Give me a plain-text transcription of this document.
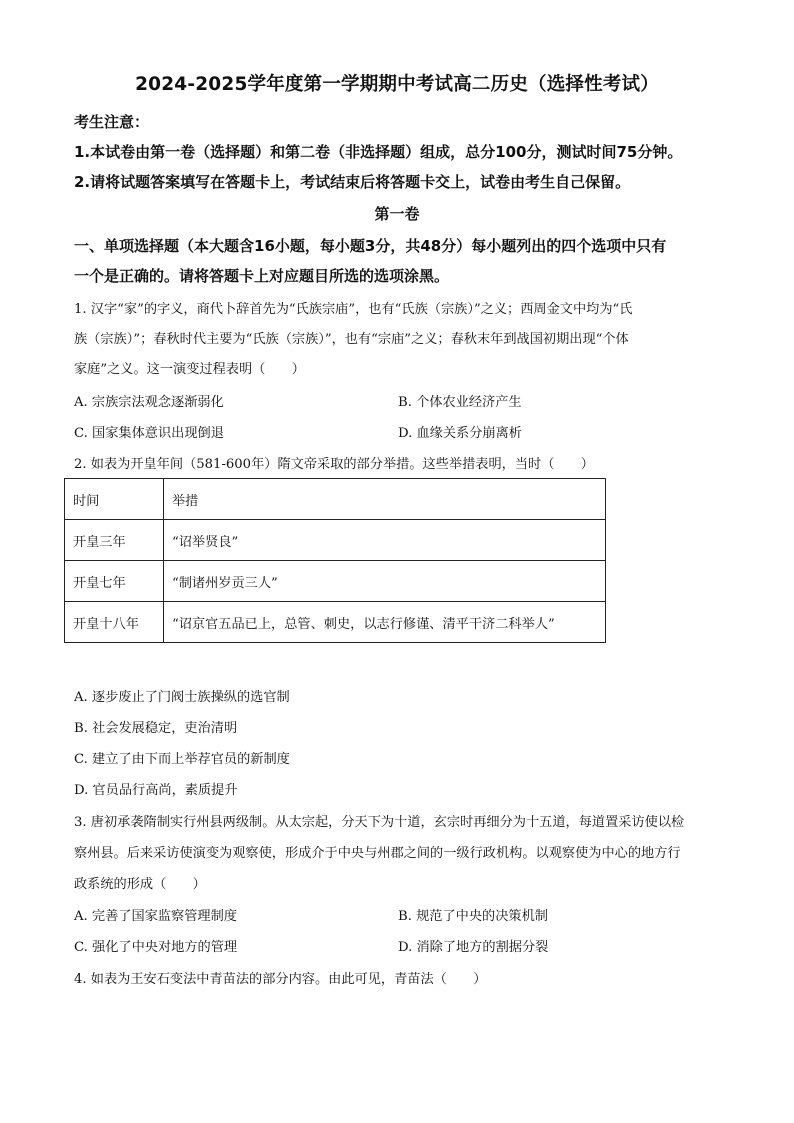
2024-2025学年度第一学期期中考试高二历史（选择性考试）
考生注意：
1.本试卷由第一卷（选择题）和第二卷（非选择题）组成，总分100分，测试时间75分钟。
2.请将试题答案填写在答题卡上，考试结束后将答题卡交上，试卷由考生自己保留。
第一卷
一、单项选择题（本大题含16小题，每小题3分，共48分）每小题列出的四个选项中只有
一个是正确的。请将答题卡上对应题目所选的选项涂黑。
1. 汉字“家”的字义，商代卜辞首先为“氏族宗庙”，也有“氏族（宗族）”之义；西周金文中均为“氏
族（宗族）”；春秋时代主要为“氏族（宗族）”，也有“宗庙”之义；春秋末年到战国初期出现“个体
家庭”之义。这一演变过程表明（　　）
A. 宗族宗法观念逐渐弱化	B. 个体农业经济产生
C. 国家集体意识出现倒退	D. 血缘关系分崩离析
2. 如表为开皇年间（581-600年）隋文帝采取的部分举措。这些举措表明，当时（　　）
时间	举措
开皇三年	“诏举贤良”
开皇七年	“制诸州岁贡三人”
开皇十八年	“诏京官五品已上，总管、刺史，以志行修谨、清平干济二科举人”
A. 逐步废止了门阀士族操纵的选官制
B. 社会发展稳定，吏治清明
C. 建立了由下而上举荐官员的新制度
D. 官员品行高尚，素质提升
3. 唐初承袭隋制实行州县两级制。从太宗起，分天下为十道，玄宗时再细分为十五道，每道置采访使以检
察州县。后来采访使演变为观察使，形成介于中央与州郡之间的一级行政机构。以观察使为中心的地方行
政系统的形成（　　）
A. 完善了国家监察管理制度	B. 规范了中央的决策机制
C. 强化了中央对地方的管理	D. 消除了地方的割据分裂
4. 如表为王安石变法中青苗法的部分内容。由此可见，青苗法（　　）
